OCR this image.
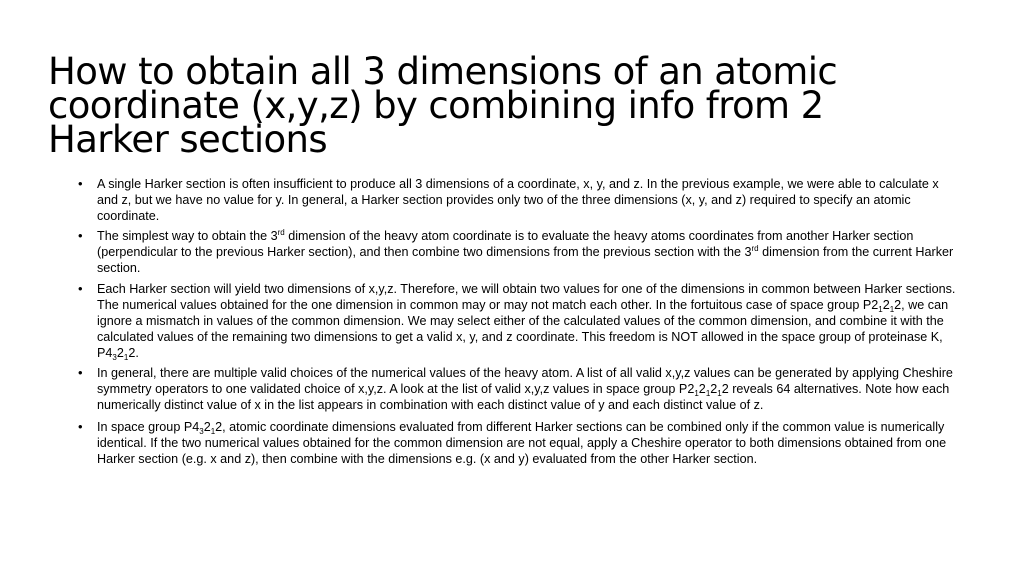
How to obtain all 3 dimensions of an atomic
coordinate (x,y,z) by combining info from 2
Harker sections
• A single Harker section is often insufficient to produce all 3 dimensions of a coordinate, x, y, and z. In the previous example, we were able to calculate x and z, but we have no value for y. In general, a Harker section provides only two of the three dimensions (x, y, and z) required to specify an atomic coordinate.
• The simplest way to obtain the 3rd dimension of the heavy atom coordinate is to evaluate the heavy atoms coordinates from another Harker section (perpendicular to the previous Harker section), and then combine two dimensions from the previous section with the 3rd dimension from the current Harker section.
• Each Harker section will yield two dimensions of x,y,z. Therefore, we will obtain two values for one of the dimensions in common between Harker sections. The numerical values obtained for the one dimension in common may or may not match each other. In the fortuitous case of space group $P2_12_12$, we can ignore a mismatch in values of the common dimension. We may select either of the calculated values of the common dimension, and combine it with the calculated values of the remaining two dimensions to get a valid x, y, and z coordinate. This freedom is NOT allowed in the space group of proteinase K, $P4_32_12$.
• In general, there are multiple valid choices of the numerical values of the heavy atom. A list of all valid x,y,z values can be generated by applying Cheshire symmetry operators to one validated choice of x,y,z. A look at the list of valid x,y,z values in space group $P2_12_12_12$ reveals 64 alternatives. Note how each numerically distinct value of x in the list appears in combination with each distinct value of y and each distinct value of z.
• In space group $P4_32_12$, atomic coordinate dimensions evaluated from different Harker sections can be combined only if the common value is numerically identical. If the two numerical values obtained for the common dimension are not equal, apply a Cheshire operator to both dimensions obtained from one Harker section (e.g. x and z), then combine with the dimensions e.g. (x and y) evaluated from the other Harker section.
